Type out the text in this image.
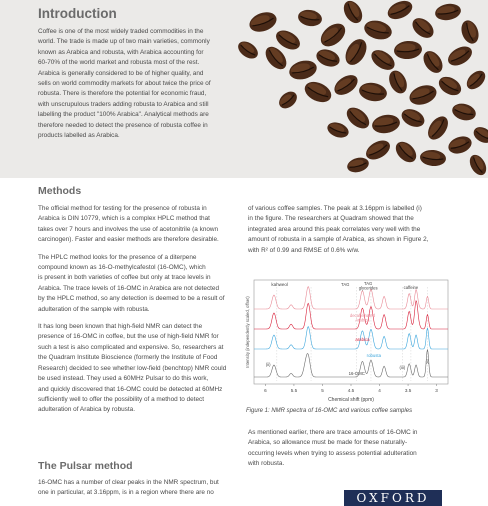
Introduction

Coffee is one of the most widely traded commodities in the
world. The trade is made up of two main varieties, commonly
known as Arabica and robusta, with Arabica accounting for
60-70% of the world market and robusta most of the rest.
Arabica is generally considered to be of higher quality, and
sells on world commodity markets for about twice the price of
robusta. There is therefore the potential for economic fraud,
with unscrupulous traders adding robusta to Arabica and still
labelling the product "100% Arabica". Analytical methods are
therefore needed to detect the presence of robusta coffee in
products labelled as Arabica.

Methods

The official method for testing for the presence of robusta in
Arabica is DIN 10779, which is a complex HPLC method that
takes over 7 hours and involves the use of acetonitrile (a known
carcinogen). Faster and easier methods are therefore desirable.

The HPLC method looks for the presence of a diterpene
compound known as 16-O-methylcafestol (16-OMC), which
is present in both varieties of coffee but only at trace levels in
Arabica. The trace levels of 16-OMC in Arabica are not detected
by the HPLC method, so any detection is deemed to be a result of
adulteration of the sample with robusta.

It has long been known that high-field NMR can detect the
presence of 16-OMC in coffee, but the use of high-field NMR for
such a test is also complicated and expensive. So, researchers at
the Quadram Institute Bioscience (formerly the Institute of Food
Research) decided to see whether low-field (benchtop) NMR could
be used instead. They used a 60MHz Pulsar to do this work,
and quickly discovered that 16-OMC could be detected at 60MHz
sufficiently well to offer the possibility of a method to detect
adulteration of Arabica by robusta.

The Pulsar method

16-OMC has a number of clear peaks in the NMR spectrum, but
one in particular, at 3.16ppm, is in a region where there are no

of various coffee samples. The peak at 3.16ppm is labelled (i)
in the figure. The researchers at Quadram showed that the
integrated area around this peak correlates very well with the
amount of robusta in a sample of Arabica, as shown in Figure 2,
with R² of 0.99 and RMSE of 0.6% w/w.

kahweol	TAG	TAG glycerides	caffeine
decaffeinated Arabica
arabica
robusta
16-OMC
(ii)
(iii)
(i)
Intensity (independently scaled, offset)
6	5.5	5	4.5	4	3.5	3
Chemical shift (ppm)
Figure 1: NMR spectra of 16-OMC and various coffee samples

As mentioned earlier, there are trace amounts of 16-OMC in
Arabica, so allowance must be made for these naturally-
occurring levels when trying to assess potential adulteration
with robusta.

OXFORD
